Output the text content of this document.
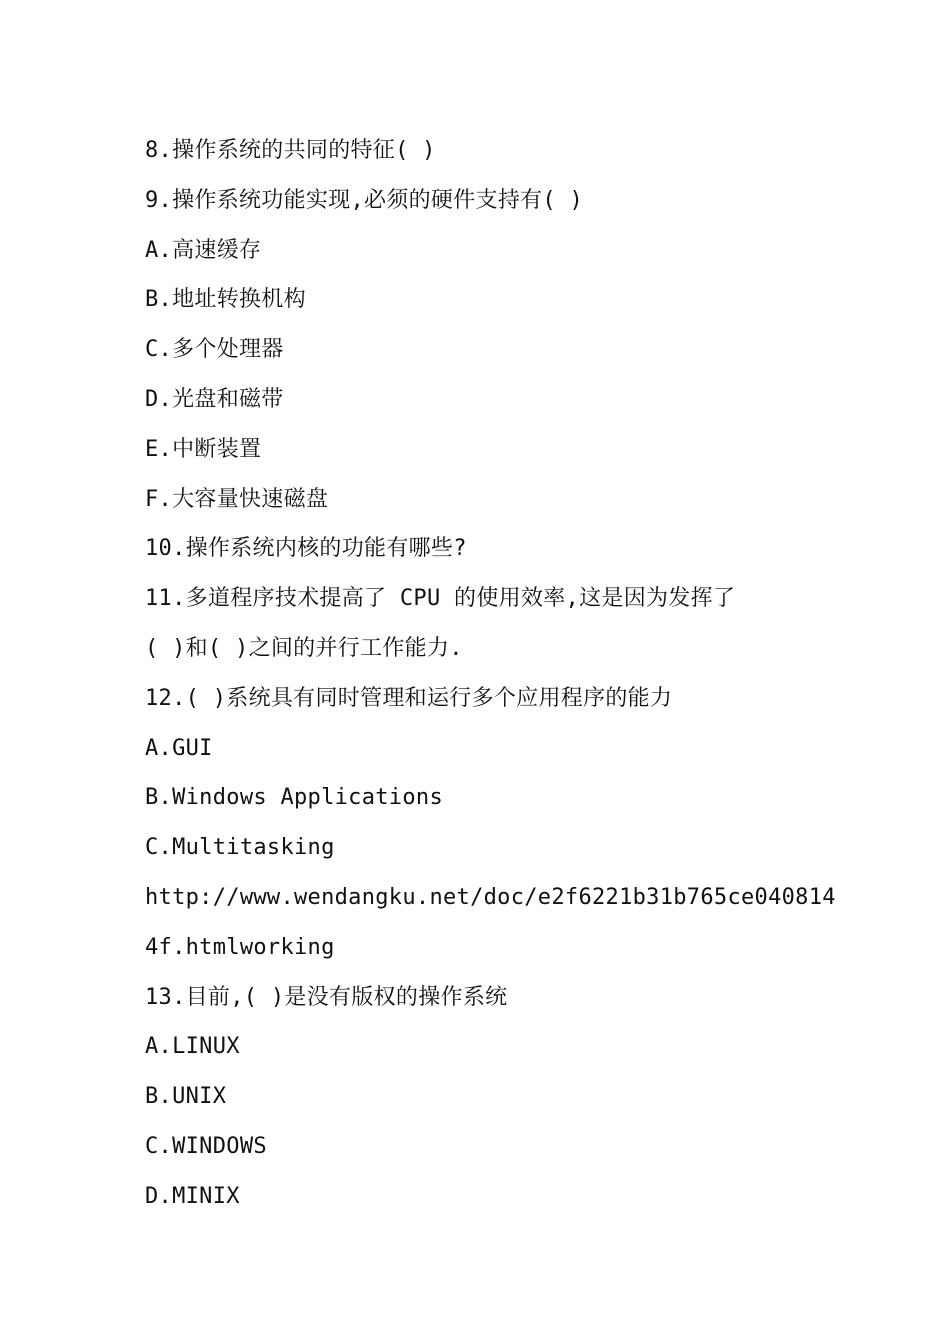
8.操作系统的共同的特征( )
9.操作系统功能实现,必须的硬件支持有( )
A.高速缓存
B.地址转换机构
C.多个处理器
D.光盘和磁带
E.中断装置
F.大容量快速磁盘
10.操作系统内核的功能有哪些?
11.多道程序技术提高了 CPU 的使用效率,这是因为发挥了
( )和( )之间的并行工作能力.
12.( )系统具有同时管理和运行多个应用程序的能力
A.GUI
B.Windows Applications
C.Multitasking
http://www.wendangku.net/doc/e2f6221b31b765ce040814
4f.htmlworking
13.目前,( )是没有版权的操作系统
A.LINUX
B.UNIX
C.WINDOWS
D.MINIX
